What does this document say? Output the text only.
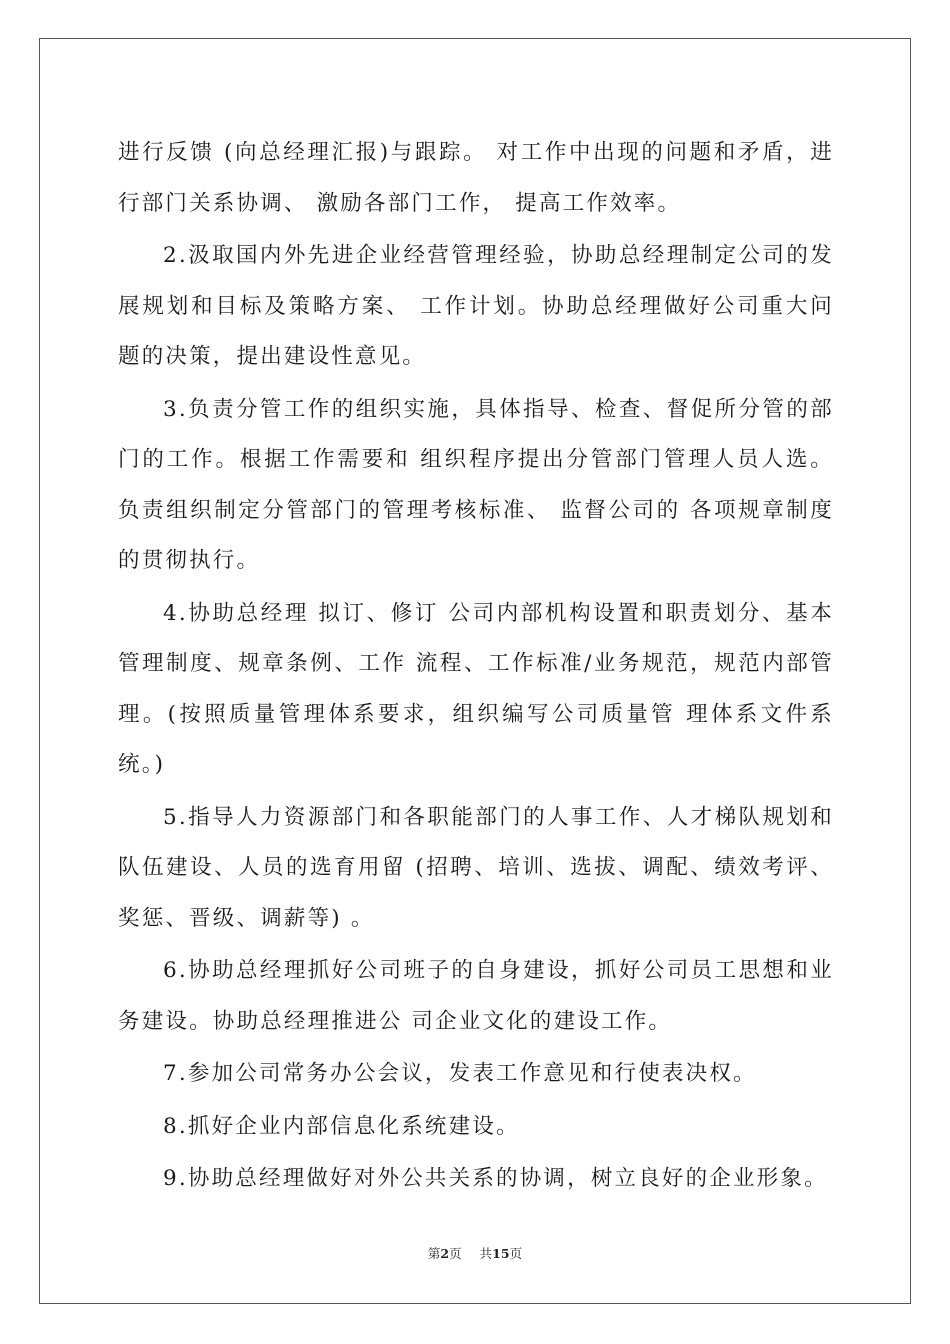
进行反馈 (向总经理汇报)与跟踪。 对工作中出现的问题和矛盾，进行部门关系协调、 激励各部门工作， 提高工作效率。

2.汲取国内外先进企业经营管理经验，协助总经理制定公司的发展规划和目标及策略方案、 工作计划。协助总经理做好公司重大问题的决策，提出建设性意见。

3.负责分管工作的组织实施，具体指导、检查、督促所分管的部门的工作。根据工作需要和 组织程序提出分管部门管理人员人选。负责组织制定分管部门的管理考核标准、 监督公司的 各项规章制度的贯彻执行。

4.协助总经理 拟订、修订 公司内部机构设置和职责划分、基本管理制度、规章条例、工作 流程、工作标准/业务规范，规范内部管理。(按照质量管理体系要求，组织编写公司质量管 理体系文件系统。)

5.指导人力资源部门和各职能部门的人事工作、人才梯队规划和队伍建设、人员的选育用留 (招聘、培训、选拔、调配、绩效考评、奖惩、晋级、调薪等) 。

6.协助总经理抓好公司班子的自身建设，抓好公司员工思想和业务建设。协助总经理推进公 司企业文化的建设工作。

7.参加公司常务办公会议，发表工作意见和行使表决权。

8.抓好企业内部信息化系统建设。

9.协助总经理做好对外公共关系的协调，树立良好的企业形象。

第2页 共15页
